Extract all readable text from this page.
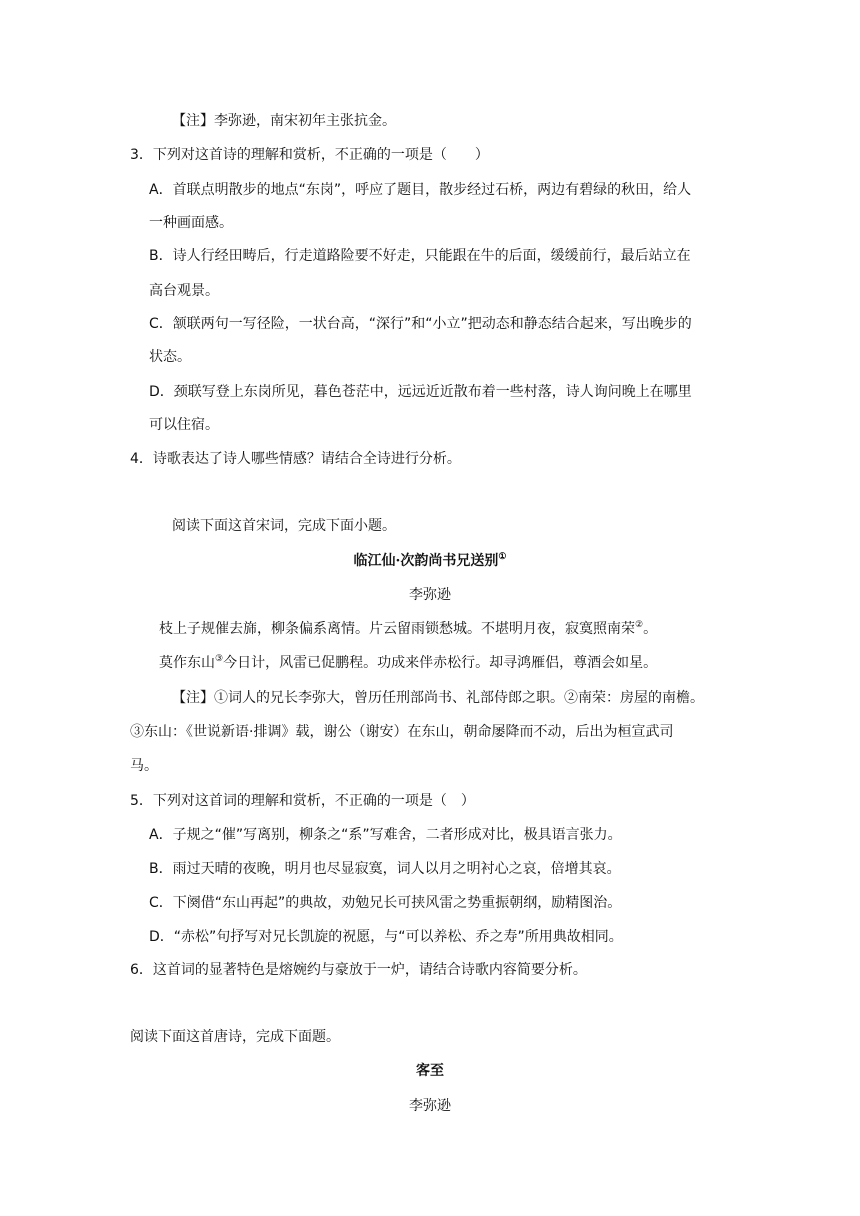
【注】李弥逊，南宋初年主张抗金。
3．下列对这首诗的理解和赏析，不正确的一项是（　　）
A．首联点明散步的地点“东岗”，呼应了题目，散步经过石桥，两边有碧绿的秋田，给人
一种画面感。
B．诗人行经田畴后，行走道路险要不好走，只能跟在牛的后面，缓缓前行，最后站立在
高台观景。
C．颔联两句一写径险，一状台高，“深行”和“小立”把动态和静态结合起来，写出晚步的
状态。
D．颈联写登上东岗所见，暮色苍茫中，远远近近散布着一些村落，诗人询问晚上在哪里
可以住宿。
4．诗歌表达了诗人哪些情感？请结合全诗进行分析。
阅读下面这首宋词，完成下面小题。
临江仙·次韵尚书兄送别①
李弥逊
枝上子规催去旆，柳条偏系离情。片云留雨锁愁城。不堪明月夜，寂寞照南荣②。
莫作东山③今日计，风雷已促鹏程。功成来伴赤松行。却寻鸿雁侣，尊酒会如星。
【注】①词人的兄长李弥大，曾历任刑部尚书、礼部侍郎之职。②南荣：房屋的南檐。
③东山：《世说新语·排调》载，谢公（谢安）在东山，朝命屡降而不动，后出为桓宣武司
马。
5．下列对这首词的理解和赏析，不正确的一项是（　）
A．子规之“催”写离别，柳条之“系”写难舍，二者形成对比，极具语言张力。
B．雨过天晴的夜晚，明月也尽显寂寞，词人以月之明衬心之哀，倍增其哀。
C．下阕借“东山再起”的典故，劝勉兄长可挟风雷之势重振朝纲，励精图治。
D．“赤松”句抒写对兄长凯旋的祝愿，与“可以养松、乔之寿”所用典故相同。
6．这首词的显著特色是熔婉约与豪放于一炉，请结合诗歌内容简要分析。
阅读下面这首唐诗，完成下面题。
客至
李弥逊
